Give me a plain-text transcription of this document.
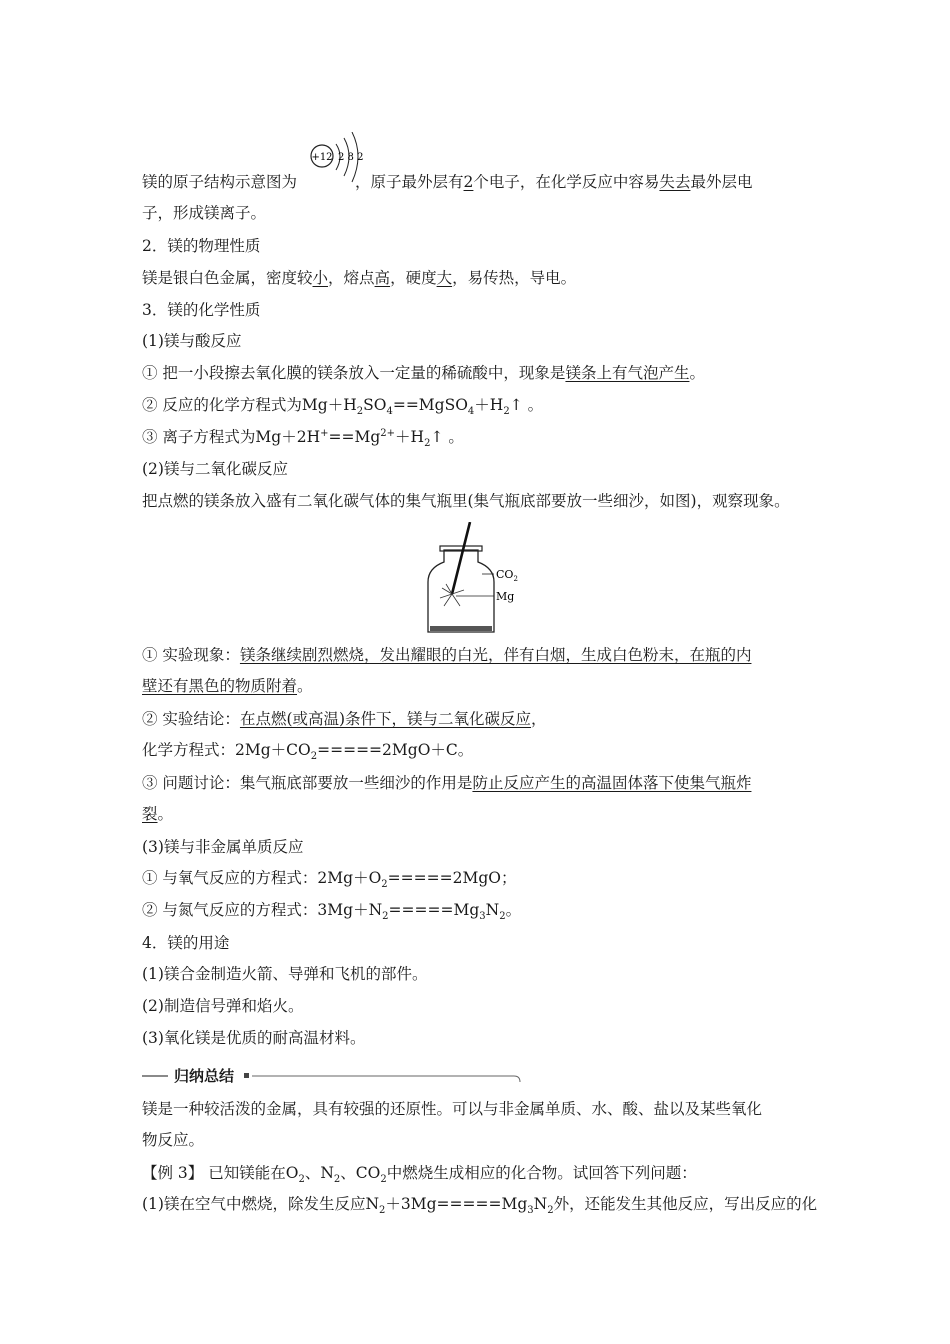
+12 2 8 2
镁的原子结构示意图为	，原子最外层有2个电子，在化学反应中容易失去最外层电
子，形成镁离子。
2．镁的物理性质
镁是银白色金属，密度较小，熔点高，硬度大，易传热，导电。
3．镁的化学性质
(1)镁与酸反应
① 把一小段擦去氧化膜的镁条放入一定量的稀硫酸中，现象是镁条上有气泡产生。
② 反应的化学方程式为$Mg+H_2SO_4==MgSO_4+H_2↑$ 。
③ 离子方程式为$Mg+2H^+==Mg^{2+}+H_2↑$ 。
(2)镁与二氧化碳反应
把点燃的镁条放入盛有二氧化碳气体的集气瓶里(集气瓶底部要放一些细沙，如图)，观察现象。
$CO_2$
Mg
① 实验现象：镁条继续剧烈燃烧，发出耀眼的白光，伴有白烟，生成白色粉末，在瓶的内
壁还有黑色的物质附着。
② 实验结论：在点燃(或高温)条件下，镁与二氧化碳反应，
化学方程式：$2Mg+CO_2=====2MgO+C$。
③ 问题讨论：集气瓶底部要放一些细沙的作用是防止反应产生的高温固体落下使集气瓶炸
裂。
(3)镁与非金属单质反应
① 与氧气反应的方程式：$2Mg+O_2=====2MgO$；
② 与氮气反应的方程式：$3Mg+N_2=====Mg_3N_2$。
4．镁的用途
(1)镁合金制造火箭、导弹和飞机的部件。
(2)制造信号弹和焰火。
(3)氧化镁是优质的耐高温材料。
归纳总结
镁是一种较活泼的金属，具有较强的还原性。可以与非金属单质、水、酸、盐以及某些氧化
物反应。
【例 3】 已知镁能在$O_2$、$N_2$、$CO_2$中燃烧生成相应的化合物。试回答下列问题：
(1)镁在空气中燃烧，除发生反应$N_2+3Mg=====Mg_3N_2$外，还能发生其他反应，写出反应的化
